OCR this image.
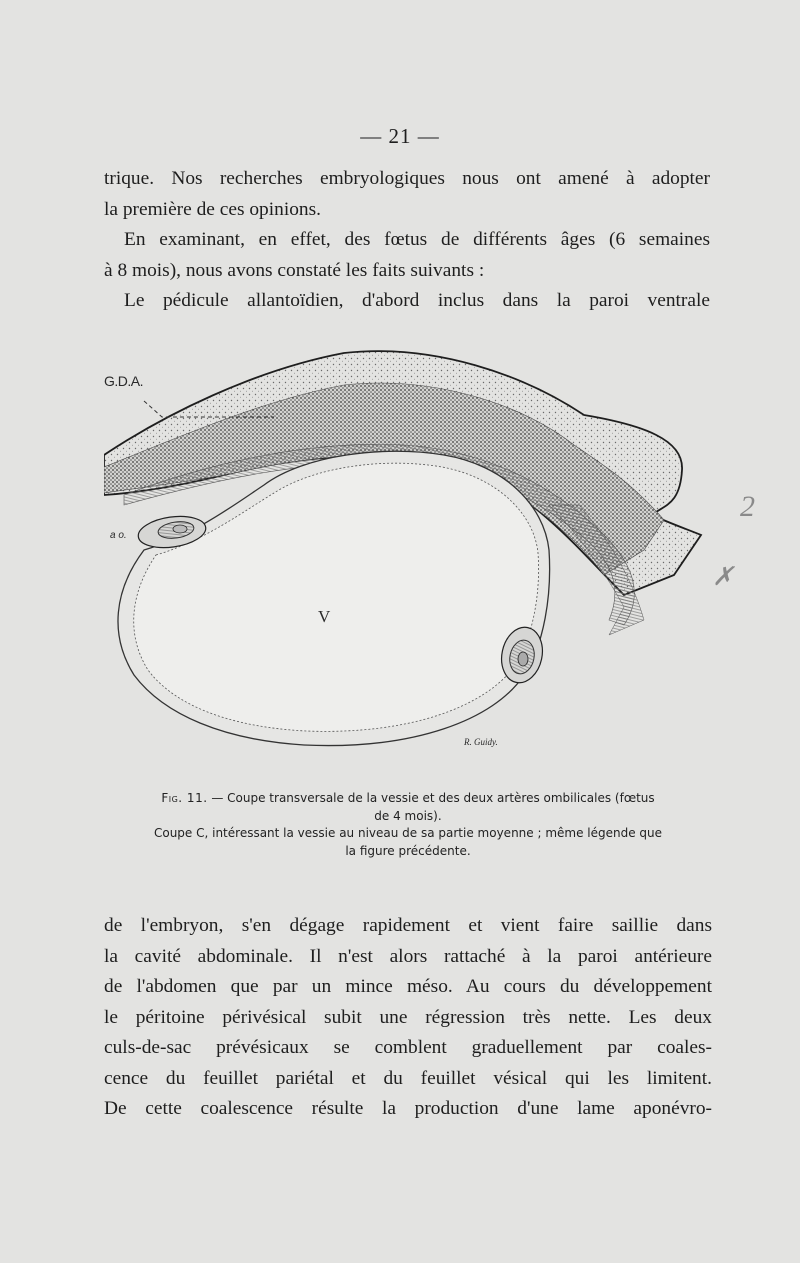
— 21 —
trique. Nos recherches embryologiques nous ont amené à adopter
la première de ces opinions.
En examinant, en effet, des fœtus de différents âges (6 semaines
à 8 mois), nous avons constaté les faits suivants :
Le pédicule allantoïdien, d'abord inclus dans la paroi ventrale
G.D.A.
a o.
V
R. Guidy.
2
✗
Fig. 11. — Coupe transversale de la vessie et des deux artères ombilicales (fœtus
de 4 mois).
Coupe C, intéressant la vessie au niveau de sa partie moyenne ; même légende que
la figure précédente.
de l'embryon, s'en dégage rapidement et vient faire saillie dans
la cavité abdominale. Il n'est alors rattaché à la paroi antérieure
de l'abdomen que par un mince méso. Au cours du développement
le péritoine périvésical subit une régression très nette. Les deux
culs-de-sac prévésicaux se comblent graduellement par coales-
cence du feuillet pariétal et du feuillet vésical qui les limitent.
De cette coalescence résulte la production d'une lame aponévro-
